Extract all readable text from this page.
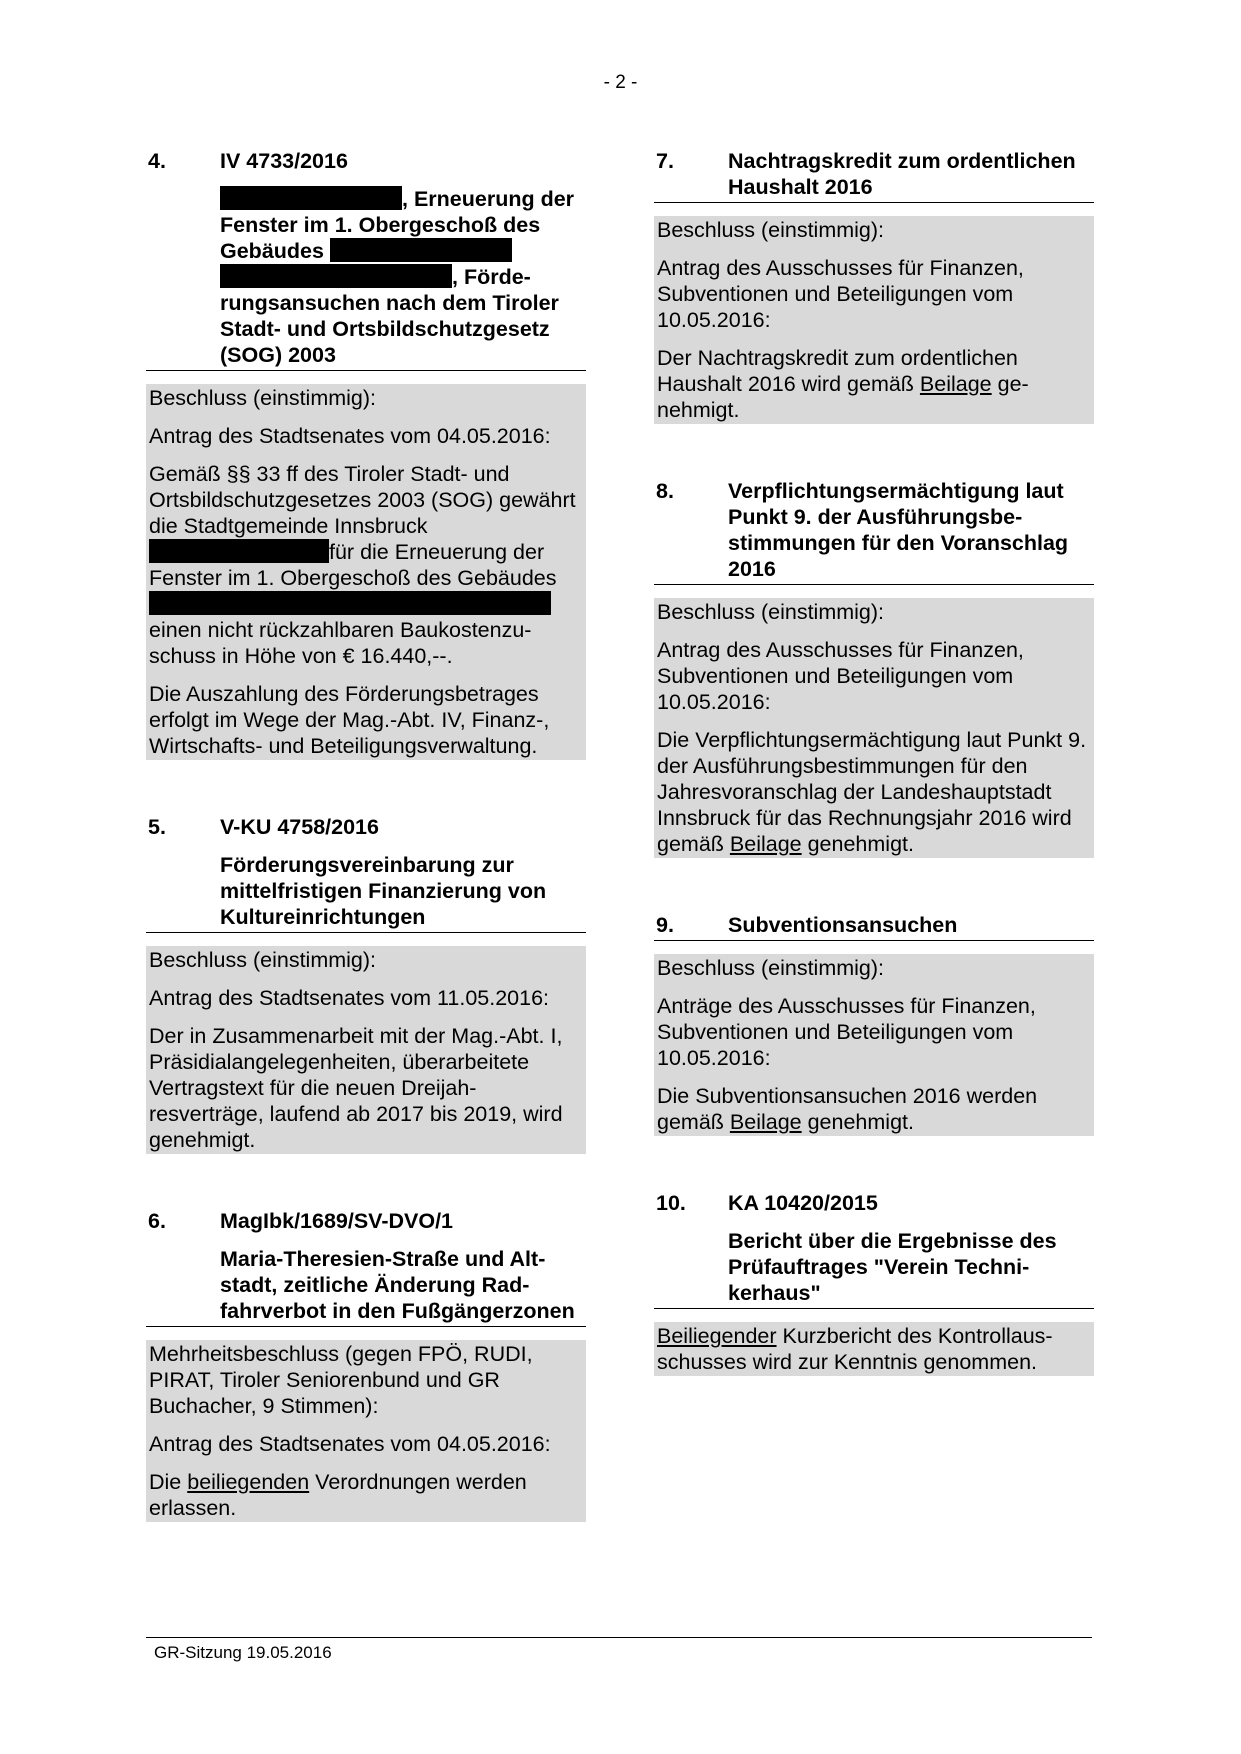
- 2 -
4.	IV 4733/2016

, Erneuerung der Fenster im 1. Obergeschoß des Gebäudes , Förderungsansuchen nach dem Tiroler Stadt- und Ortsbildschutzgesetz (SOG) 2003

Beschluss (einstimmig):

Antrag des Stadtsenates vom 04.05.2016:

Gemäß §§ 33 ff des Tiroler Stadt- und Ortsbildschutzgesetzes 2003 (SOG) gewährt die Stadtgemeinde Innsbruck für die Erneuerung der Fenster im 1. Obergeschoß des Gebäudes  einen nicht rückzahlbaren Baukostenzuschuss in Höhe von € 16.440,--.

Die Auszahlung des Förderungsbetrages erfolgt im Wege der Mag.-Abt. IV, Finanz-, Wirtschafts- und Beteiligungsverwaltung.

5.	V-KU 4758/2016

Förderungsvereinbarung zur mittelfristigen Finanzierung von Kultureinrichtungen

Beschluss (einstimmig):

Antrag des Stadtsenates vom 11.05.2016:

Der in Zusammenarbeit mit der Mag.-Abt. I, Präsidialangelegenheiten, überarbeitete Vertragstext für die neuen Dreijahresverträge, laufend ab 2017 bis 2019, wird genehmigt.

6.	MagIbk/1689/SV-DVO/1

Maria-Theresien-Straße und Altstadt, zeitliche Änderung Radfahrverbot in den Fußgängerzonen

Mehrheitsbeschluss (gegen FPÖ, RUDI, PIRAT, Tiroler Seniorenbund und GR Buchacher, 9 Stimmen):

Antrag des Stadtsenates vom 04.05.2016:

Die beiliegenden Verordnungen werden erlassen.

7.	Nachtragskredit zum ordentlichen Haushalt 2016

Beschluss (einstimmig):

Antrag des Ausschusses für Finanzen, Subventionen und Beteiligungen vom 10.05.2016:

Der Nachtragskredit zum ordentlichen Haushalt 2016 wird gemäß Beilage genehmigt.

8.	Verpflichtungsermächtigung laut Punkt 9. der Ausführungsbestimmungen für den Voranschlag 2016

Beschluss (einstimmig):

Antrag des Ausschusses für Finanzen, Subventionen und Beteiligungen vom 10.05.2016:

Die Verpflichtungsermächtigung laut Punkt 9. der Ausführungsbestimmungen für den Jahresvoranschlag der Landeshauptstadt Innsbruck für das Rechnungsjahr 2016 wird gemäß Beilage genehmigt.

9.	Subventionsansuchen

Beschluss (einstimmig):

Anträge des Ausschusses für Finanzen, Subventionen und Beteiligungen vom 10.05.2016:

Die Subventionsansuchen 2016 werden gemäß Beilage genehmigt.

10. KA 10420/2015

Bericht über die Ergebnisse des Prüfauftrages "Verein Technikerhaus"

Beiliegender Kurzbericht des Kontrollausschusses wird zur Kenntnis genommen.

GR-Sitzung 19.05.2016
